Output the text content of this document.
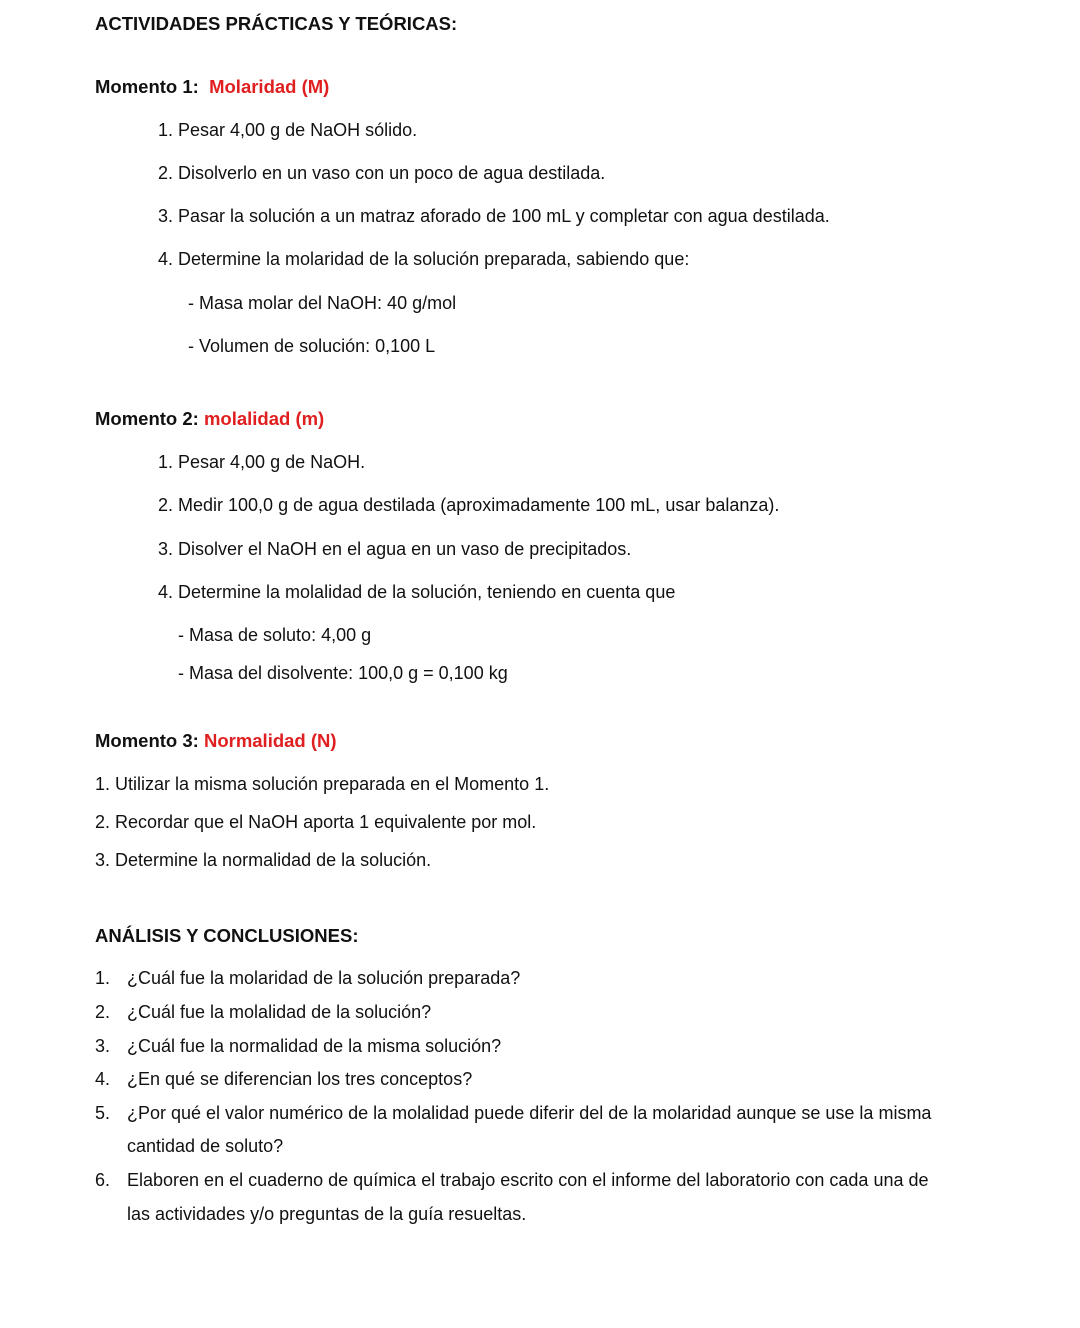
ACTIVIDADES PRÁCTICAS Y TEÓRICAS:
Momento 1: Molaridad (M)
1. Pesar 4,00 g de NaOH sólido.
2. Disolverlo en un vaso con un poco de agua destilada.
3. Pasar la solución a un matraz aforado de 100 mL y completar con agua destilada.
4. Determine la molaridad de la solución preparada, sabiendo que:
- Masa molar del NaOH: 40 g/mol
- Volumen de solución: 0,100 L
Momento 2: molalidad (m)
1. Pesar 4,00 g de NaOH.
2. Medir 100,0 g de agua destilada (aproximadamente 100 mL, usar balanza).
3. Disolver el NaOH en el agua en un vaso de precipitados.
4. Determine la molalidad de la solución, teniendo en cuenta que
- Masa de soluto: 4,00 g
- Masa del disolvente: 100,0 g = 0,100 kg
Momento 3: Normalidad (N)
1. Utilizar la misma solución preparada en el Momento 1.
2. Recordar que el NaOH aporta 1 equivalente por mol.
3. Determine la normalidad de la solución.
ANÁLISIS Y CONCLUSIONES:
1. ¿Cuál fue la molaridad de la solución preparada?
2. ¿Cuál fue la molalidad de la solución?
3. ¿Cuál fue la normalidad de la misma solución?
4. ¿En qué se diferencian los tres conceptos?
5. ¿Por qué el valor numérico de la molalidad puede diferir del de la molaridad aunque se use la misma
cantidad de soluto?
6. Elaboren en el cuaderno de química el trabajo escrito con el informe del laboratorio con cada una de
las actividades y/o preguntas de la guía resueltas.
